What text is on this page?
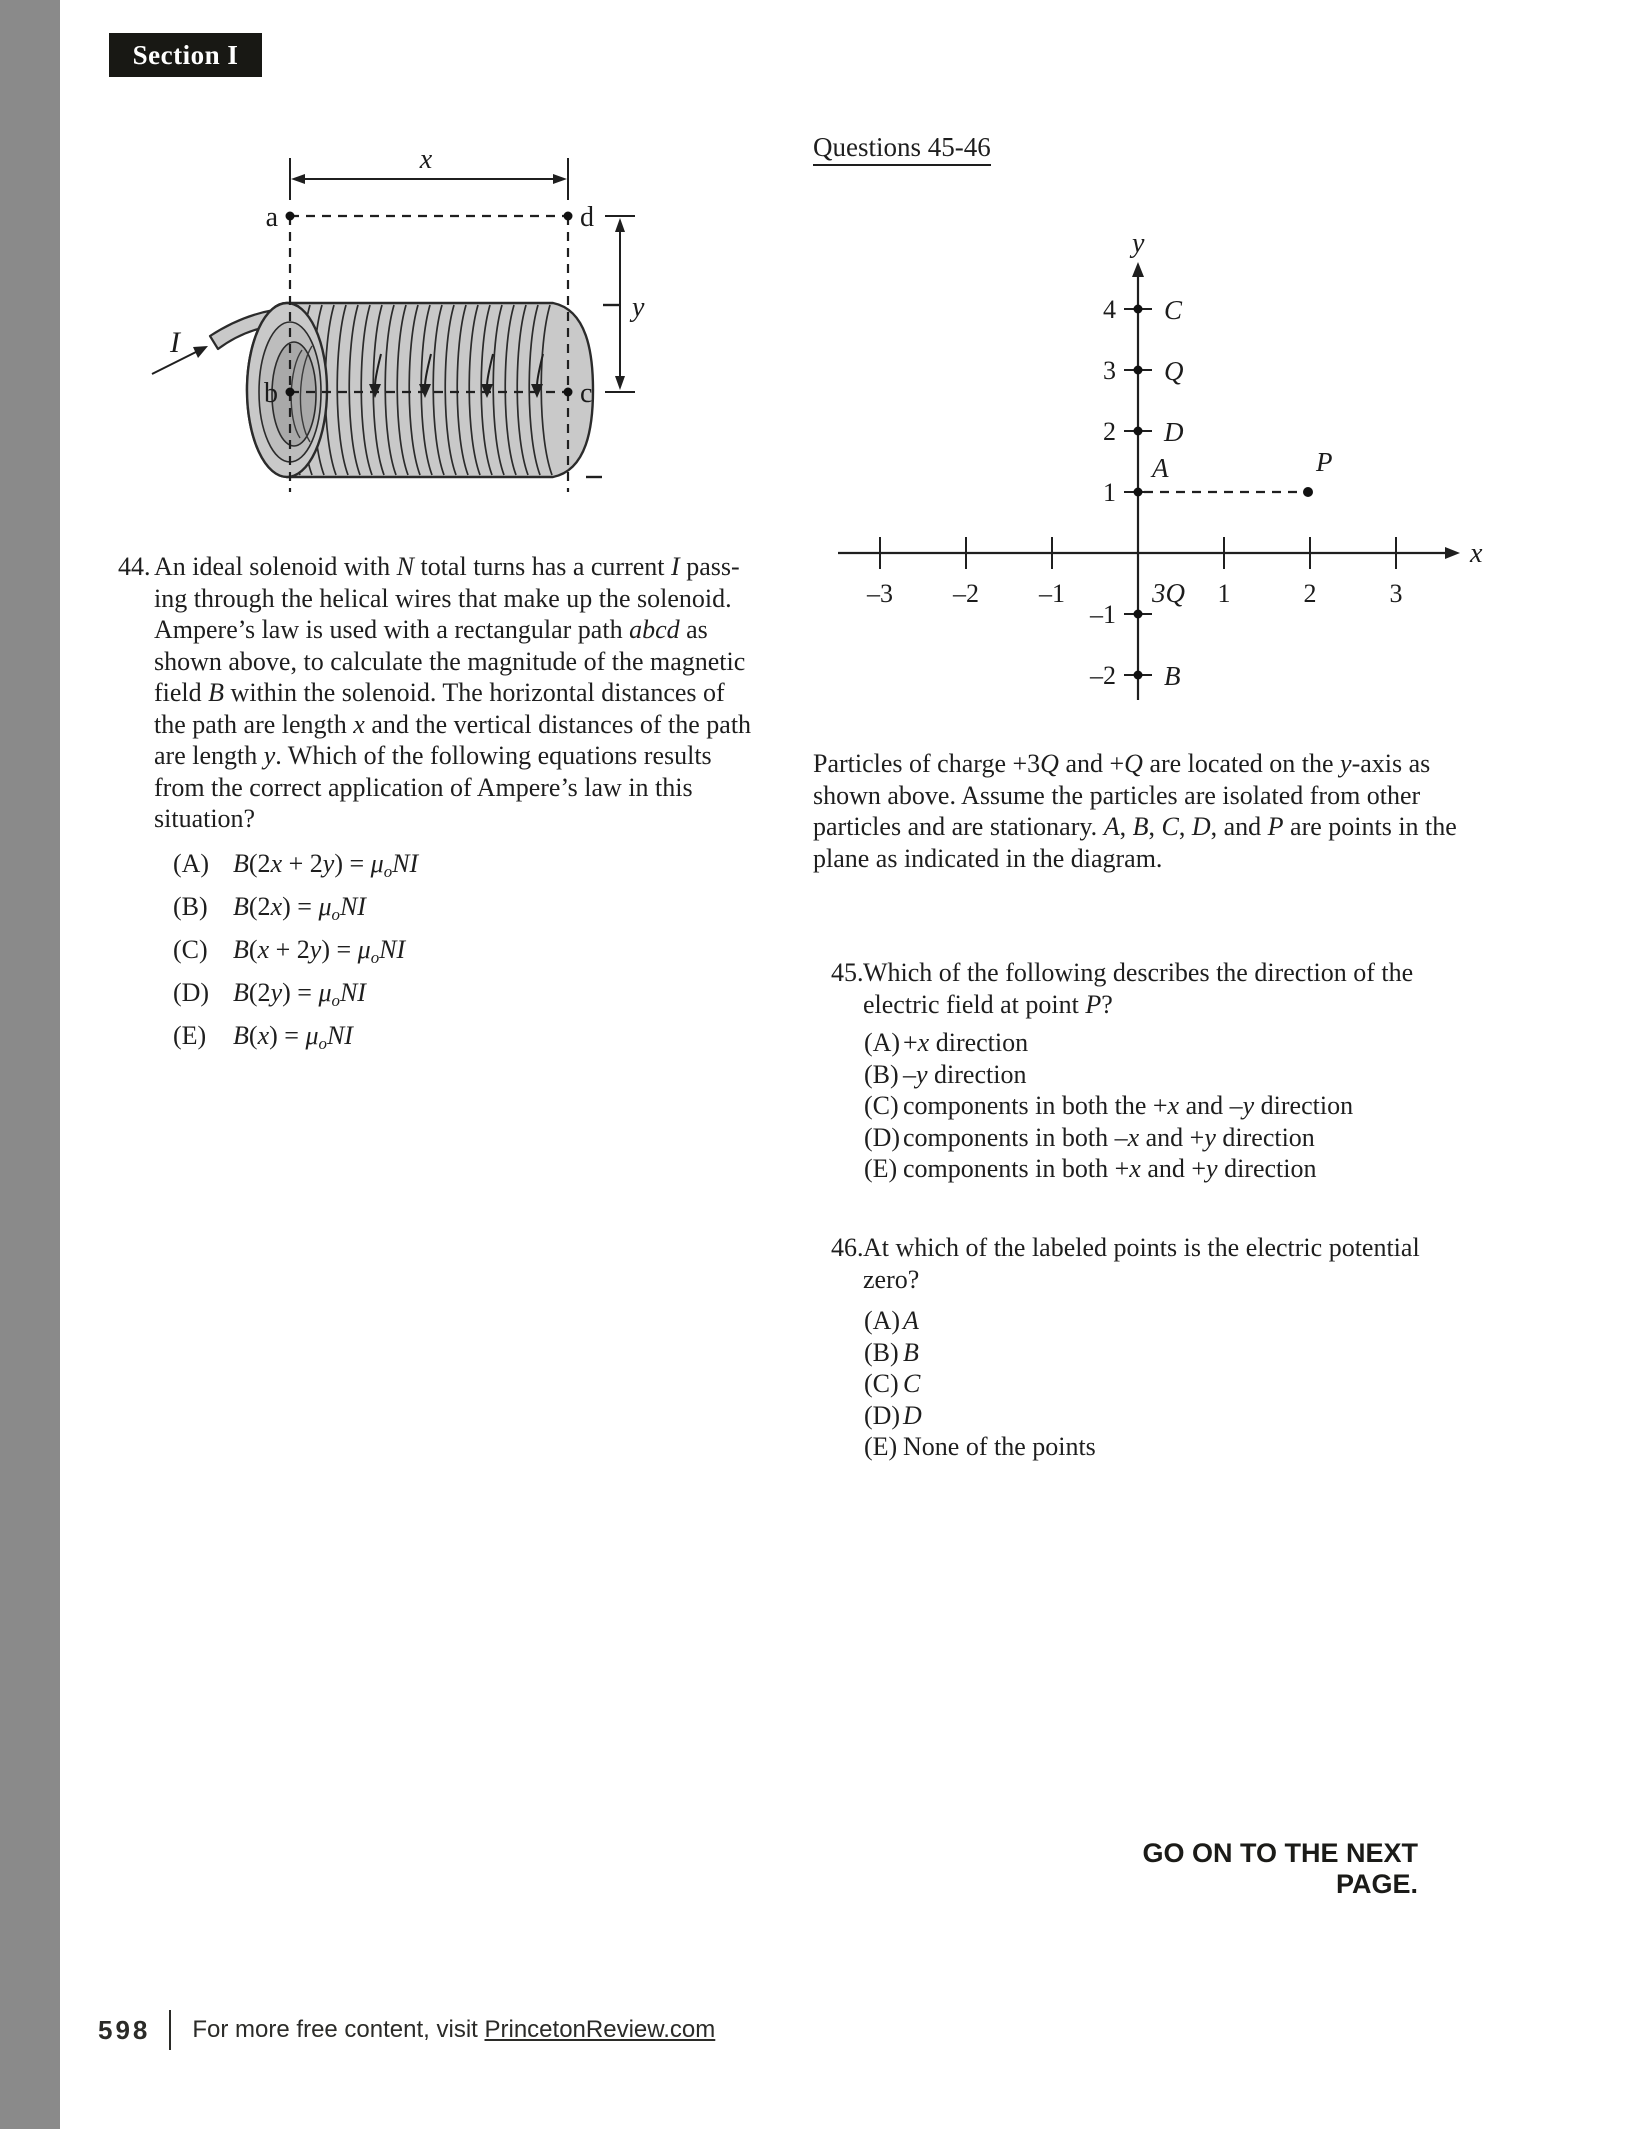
Section I
x
a	d
b	c
y
I
44. An ideal solenoid with N total turns has a current I pass-
ing through the helical wires that make up the solenoid.
Ampere’s law is used with a rectangular path abcd as
shown above, to calculate the magnitude of the magnetic
field B within the solenoid. The horizontal distances of
the path are length x and the vertical distances of the path
are length y. Which of the following equations results
from the correct application of Ampere’s law in this
situation?
(A) $B(2x + 2y) = \mu_oNI$
(B) $B(2x) = \mu_oNI$
(C) $B(x + 2y) = \mu_oNI$
(D) $B(2y) = \mu_oNI$
(E)	$B(x) = \mu_oNI$
Questions 45-46
x
y
–3 –2 –1	1	2	3
4
3
2
1
–1
–2
C
Q
D
A	P
3Q
B
Particles of charge +3Q and +Q are located on the y-axis as
shown above. Assume the particles are isolated from other
particles and are stationary. A, B, C, D, and P are points in the
plane as indicated in the diagram.
45. Which of the following describes the direction of the
electric field at point P?
(A) +x direction
(B) –y direction
(C) components in both the +x and –y direction
(D) components in both –x and +y direction
(E) components in both +x and +y direction
46. At which of the labeled points is the electric potential
zero?
(A) A
(B) B
(C) C
(D) D
(E) None of the points
GO ON TO THE NEXT PAGE.
598 For more free content, visit PrincetonReview.com
